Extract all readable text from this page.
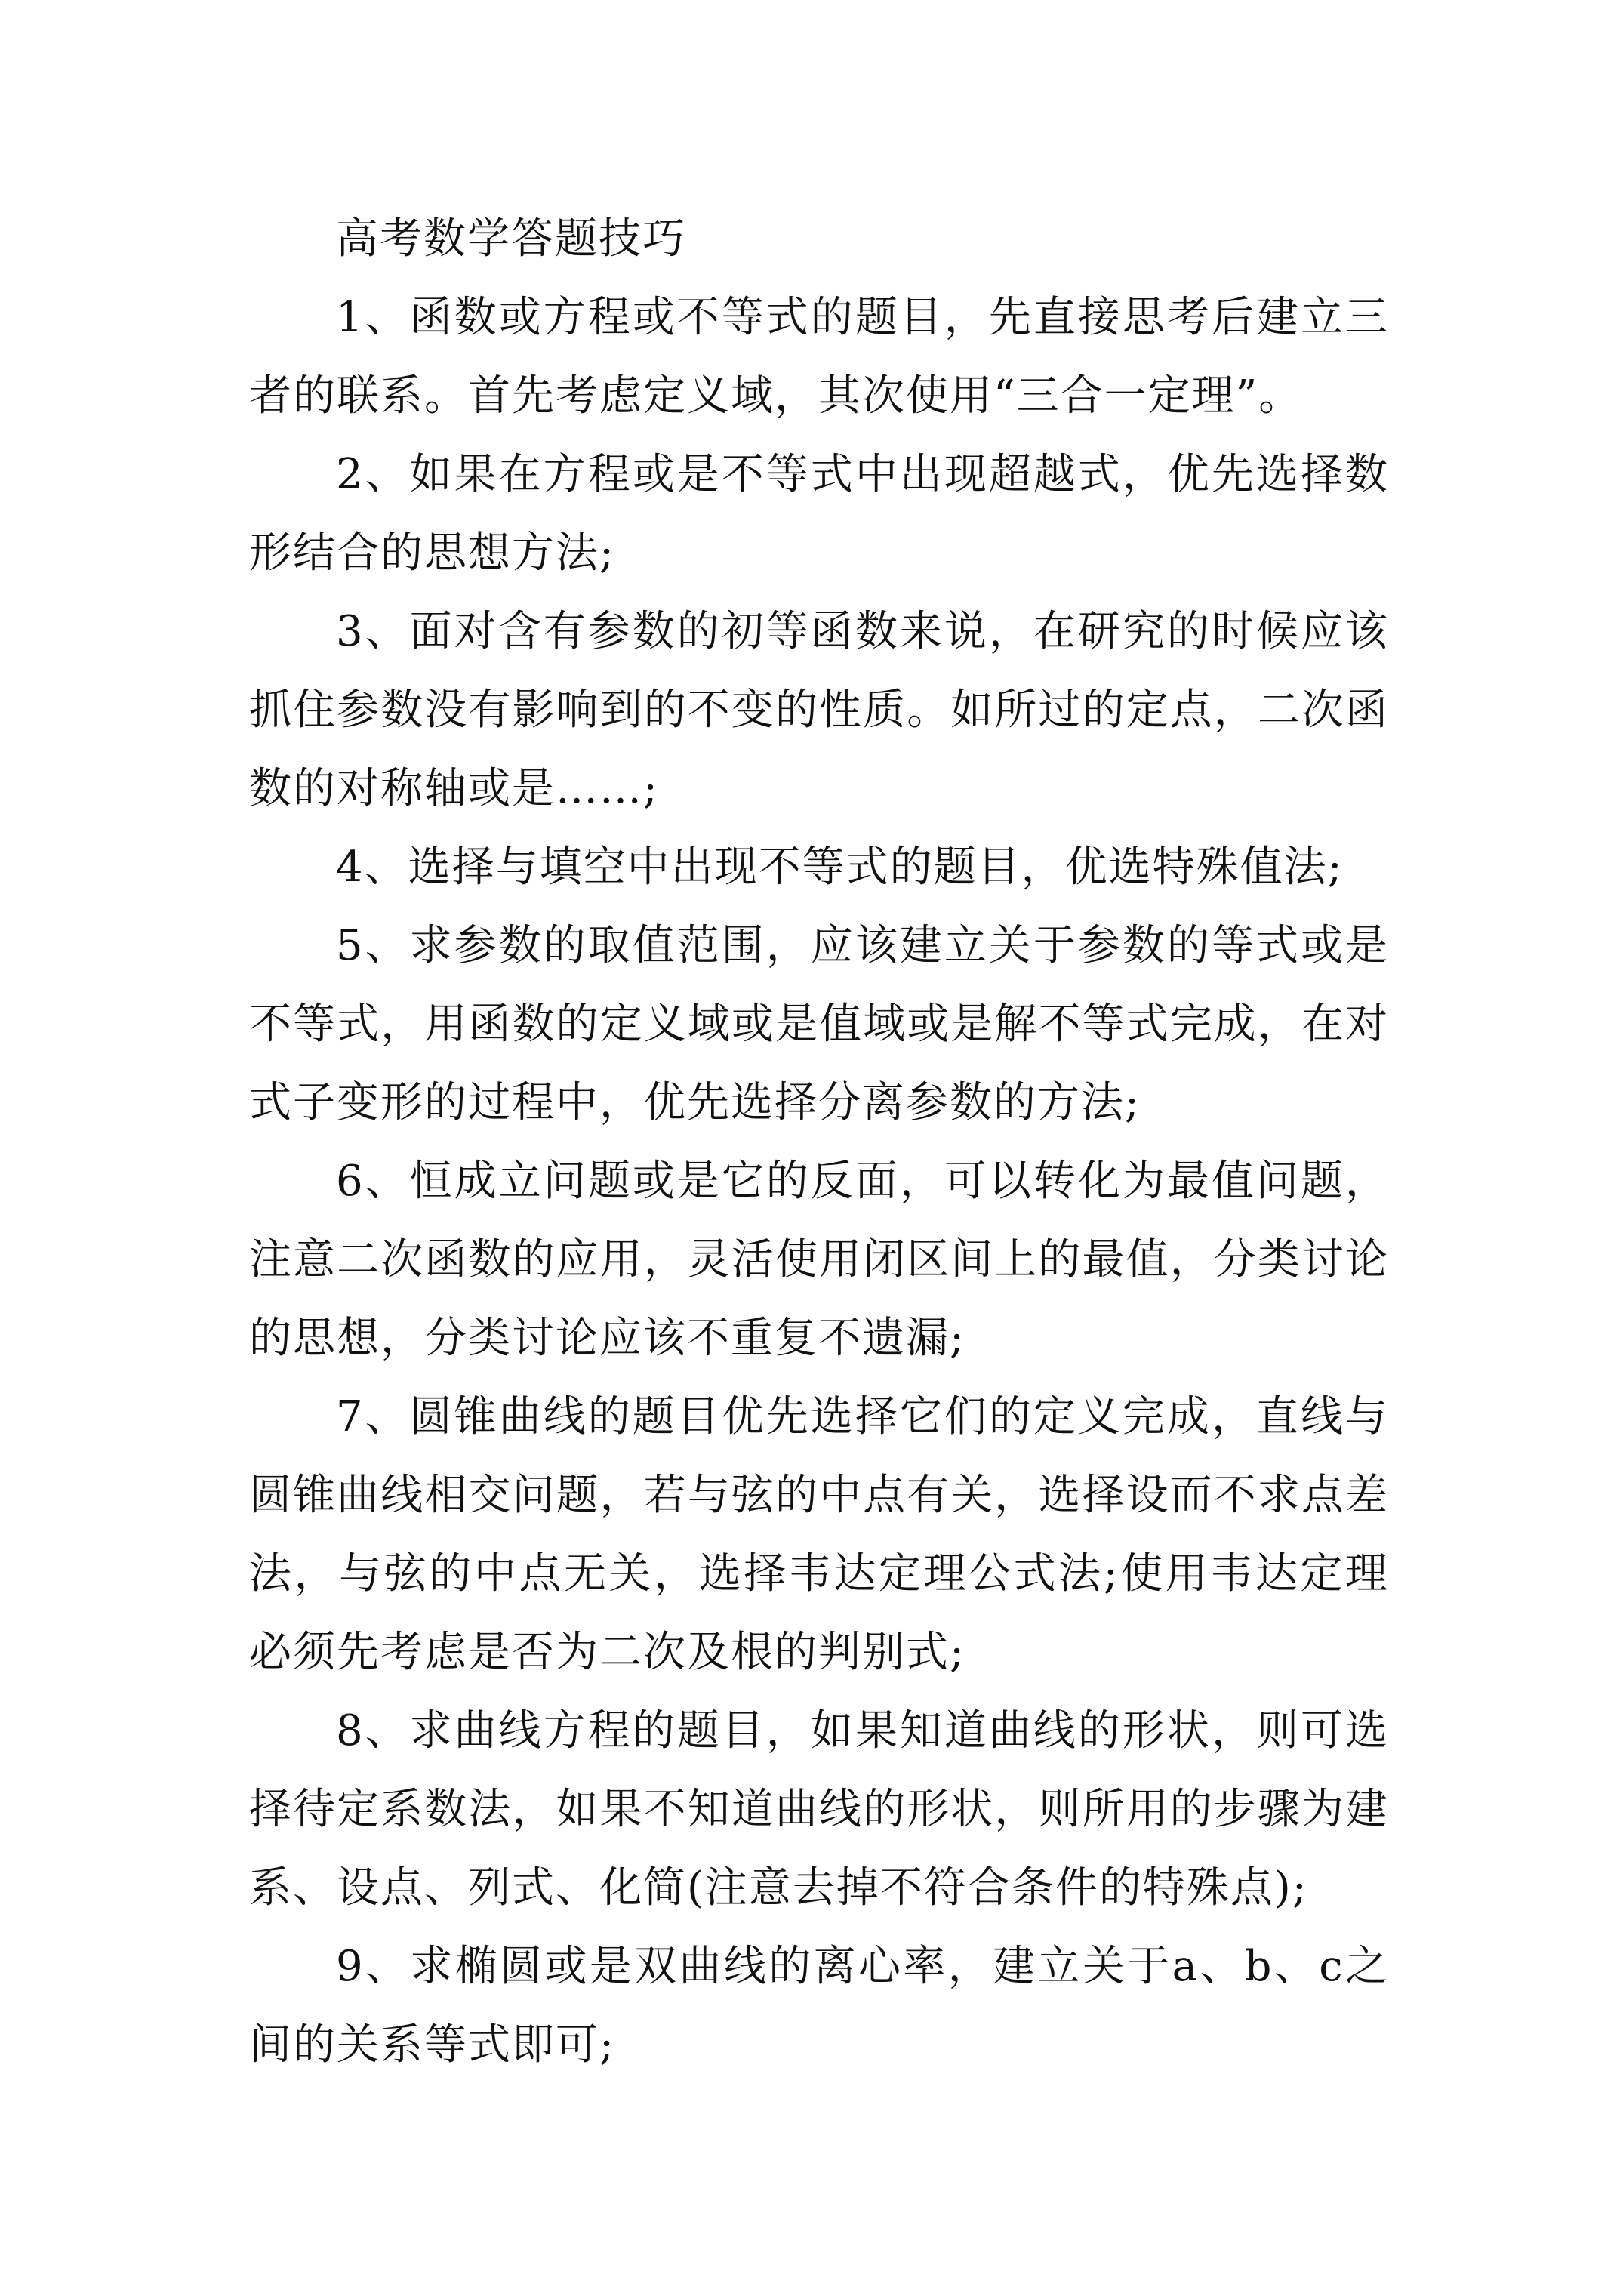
高考数学答题技巧

1、函数或方程或不等式的题目，先直接思考后建立三者的联系。首先考虑定义域，其次使用“三合一定理”。

2、如果在方程或是不等式中出现超越式，优先选择数形结合的思想方法;

3、面对含有参数的初等函数来说，在研究的时候应该抓住参数没有影响到的不变的性质。如所过的定点，二次函数的对称轴或是……;

4、选择与填空中出现不等式的题目，优选特殊值法;

5、求参数的取值范围，应该建立关于参数的等式或是不等式，用函数的定义域或是值域或是解不等式完成，在对式子变形的过程中，优先选择分离参数的方法;

6、恒成立问题或是它的反面，可以转化为最值问题，注意二次函数的应用，灵活使用闭区间上的最值，分类讨论的思想，分类讨论应该不重复不遗漏;

7、圆锥曲线的题目优先选择它们的定义完成，直线与圆锥曲线相交问题，若与弦的中点有关，选择设而不求点差法，与弦的中点无关，选择韦达定理公式法;使用韦达定理必须先考虑是否为二次及根的判别式;

8、求曲线方程的题目，如果知道曲线的形状，则可选择待定系数法，如果不知道曲线的形状，则所用的步骤为建系、设点、列式、化简(注意去掉不符合条件的特殊点);

9、求椭圆或是双曲线的离心率，建立关于a、b、c之间的关系等式即可;
